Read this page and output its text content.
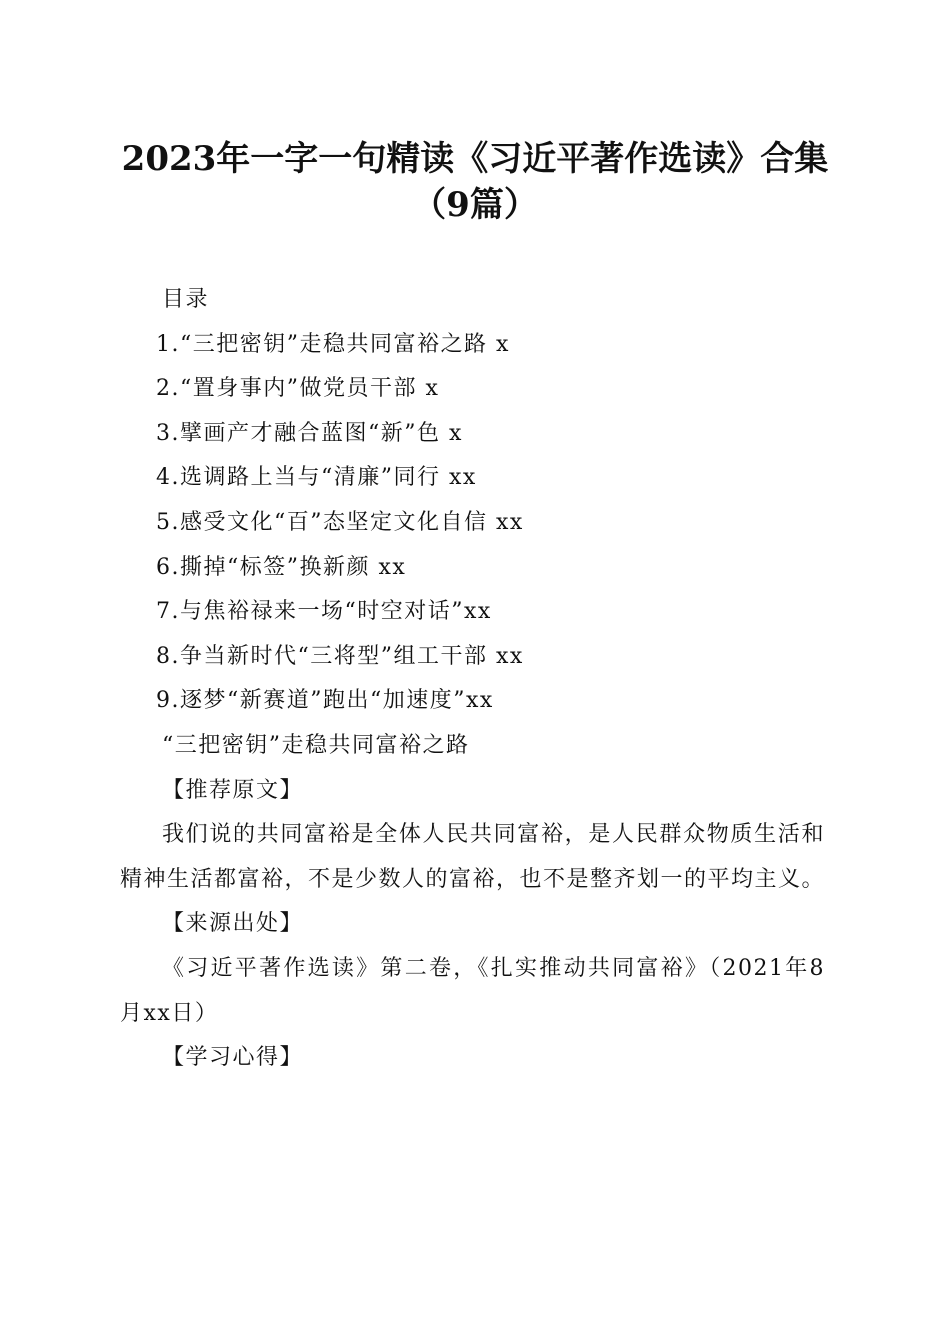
2023年一字一句精读《习近平著作选读》合集（9篇）
目录
1.“三把密钥”走稳共同富裕之路 x
2.“置身事内”做党员干部 x
3.擘画产才融合蓝图“新”色 x
4.选调路上当与“清廉”同行 xx
5.感受文化“百”态坚定文化自信 xx
6.撕掉“标签”换新颜 xx
7.与焦裕禄来一场“时空对话”xx
8.争当新时代“三将型”组工干部 xx
9.逐梦“新赛道”跑出“加速度”xx
“三把密钥”走稳共同富裕之路
【推荐原文】

我们说的共同富裕是全体人民共同富裕，是人民群众物质生活和精神生活都富裕，不是少数人的富裕，也不是整齐划一的平均主义。

【来源出处】

《习近平著作选读》第二卷，《扎实推动共同富裕》（2021年8月xx日）

【学习心得】
